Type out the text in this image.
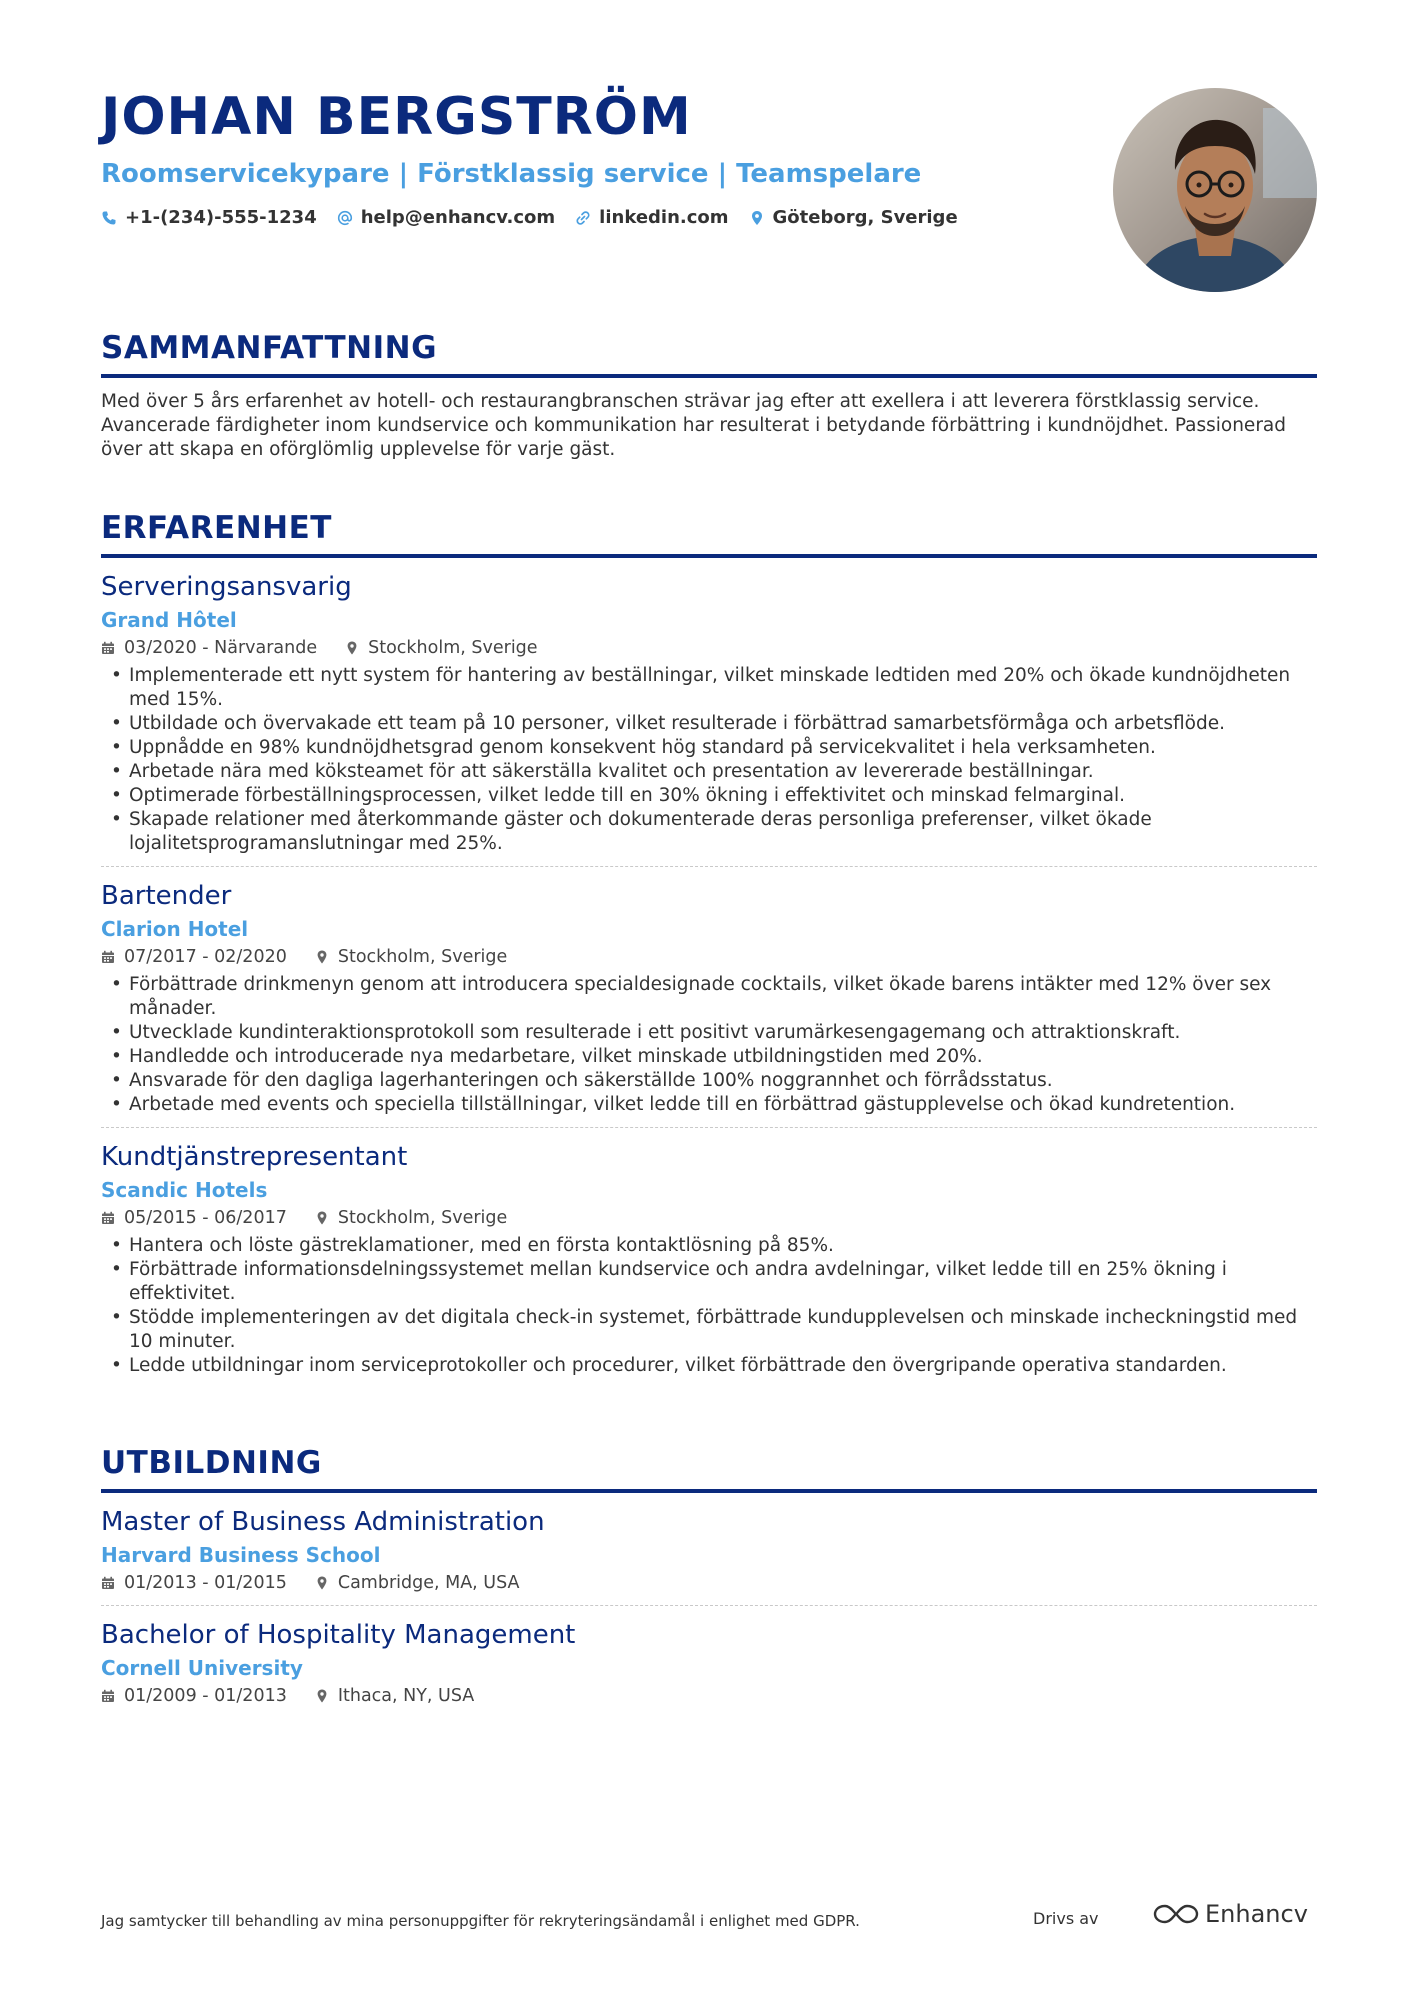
JOHAN BERGSTRÖM
Roomservicekypare | Förstklassig service | Teamspelare
+1-(234)-555-1234 help@enhancv.com linkedin.com Göteborg, Sverige
SAMMANFATTNING

Med över 5 års erfarenhet av hotell- och restaurangbranschen strävar jag efter att exellera i att leverera förstklassig service. Avancerade färdigheter inom kundservice och kommunikation har resulterat i betydande förbättring i kundnöjdhet. Passionerad över att skapa en oförglömlig upplevelse för varje gäst.

ERFARENHET
Serveringsansvarig
Grand Hôtel
03/2020 - Närvarande	Stockholm, Sverige
• Implementerade ett nytt system för hantering av beställningar, vilket minskade ledtiden med 20% och ökade kundnöjdheten med 15%.
• Utbildade och övervakade ett team på 10 personer, vilket resulterade i förbättrad samarbetsförmåga och arbetsflöde.
• Uppnådde en 98% kundnöjdhetsgrad genom konsekvent hög standard på servicekvalitet i hela verksamheten.
• Arbetade nära med köksteamet för att säkerställa kvalitet och presentation av levererade beställningar.
• Optimerade förbeställningsprocessen, vilket ledde till en 30% ökning i effektivitet och minskad felmarginal.
• Skapade relationer med återkommande gäster och dokumenterade deras personliga preferenser, vilket ökade lojalitetsprogramanslutningar med 25%.
Bartender
Clarion Hotel
07/2017 - 02/2020	Stockholm, Sverige
• Förbättrade drinkmenyn genom att introducera specialdesignade cocktails, vilket ökade barens intäkter med 12% över sex månader.
• Utvecklade kundinteraktionsprotokoll som resulterade i ett positivt varumärkesengagemang och attraktionskraft.
• Handledde och introducerade nya medarbetare, vilket minskade utbildningstiden med 20%.
• Ansvarade för den dagliga lagerhanteringen och säkerställde 100% noggrannhet och förrådsstatus.
• Arbetade med events och speciella tillställningar, vilket ledde till en förbättrad gästupplevelse och ökad kundretention.
Kundtjänstrepresentant
Scandic Hotels
05/2015 - 06/2017	Stockholm, Sverige
• Hantera och löste gästreklamationer, med en första kontaktlösning på 85%.
• Förbättrade informationsdelningssystemet mellan kundservice och andra avdelningar, vilket ledde till en 25% ökning i effektivitet.
• Stödde implementeringen av det digitala check-in systemet, förbättrade kundupplevelsen och minskade incheckningstid med 10 minuter.
• Ledde utbildningar inom serviceprotokoller och procedurer, vilket förbättrade den övergripande operativa standarden.
UTBILDNING
Master of Business Administration
Harvard Business School
01/2013 - 01/2015	Cambridge, MA, USA
Bachelor of Hospitality Management
Cornell University
01/2009 - 01/2013	Ithaca, NY, USA
Jag samtycker till behandling av mina personuppgifter för rekryteringsändamål i enlighet med GDPR.	Drivs av	Enhancv
